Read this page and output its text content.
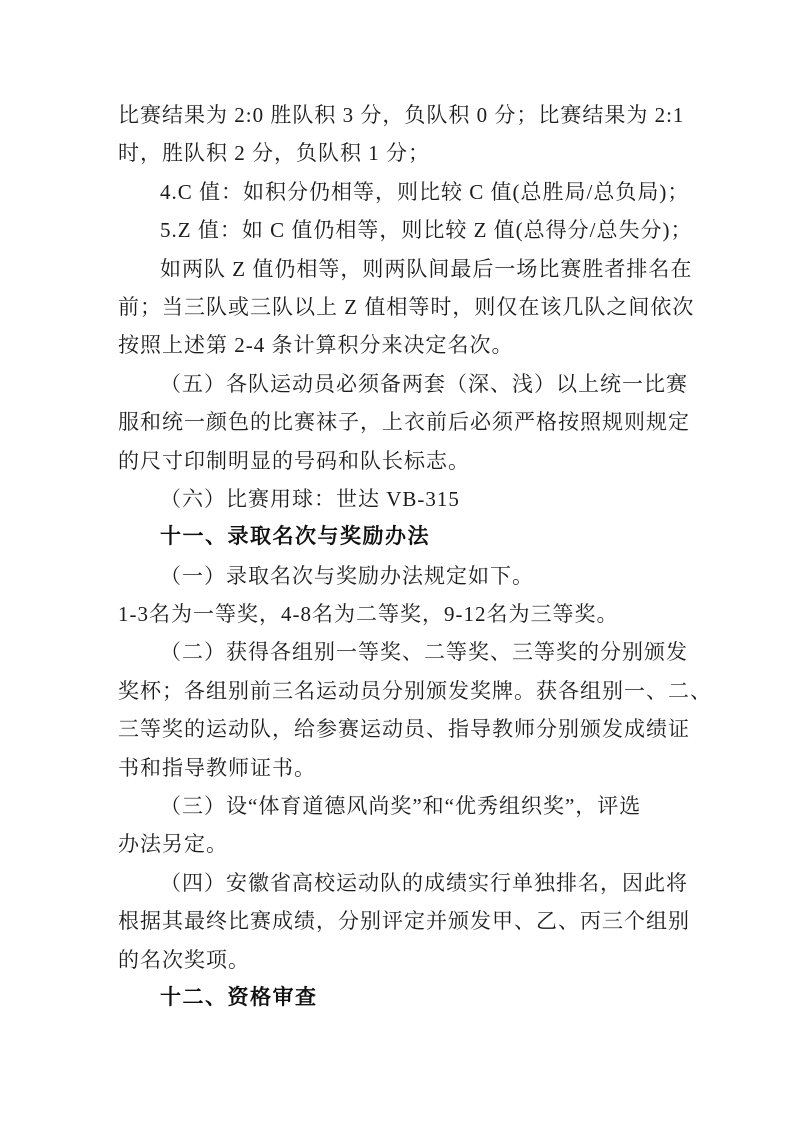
比赛结果为 2:0 胜队积 3 分，负队积 0 分；比赛结果为 2:1
时，胜队积 2 分，负队积 1 分；
4.C 值：如积分仍相等，则比较 C 值(总胜局/总负局)；
5.Z 值：如 C 值仍相等，则比较 Z 值(总得分/总失分)；
如两队 Z 值仍相等，则两队间最后一场比赛胜者排名在
前；当三队或三队以上 Z 值相等时，则仅在该几队之间依次
按照上述第 2-4 条计算积分来决定名次。
（五）各队运动员必须备两套（深、浅）以上统一比赛
服和统一颜色的比赛袜子，上衣前后必须严格按照规则规定
的尺寸印制明显的号码和队长标志。
（六）比赛用球：世达 VB-315
十一、录取名次与奖励办法
（一）录取名次与奖励办法规定如下。
1-3名为一等奖，4-8名为二等奖，9-12名为三等奖。
（二）获得各组别一等奖、二等奖、三等奖的分别颁发
奖杯；各组别前三名运动员分别颁发奖牌。获各组别一、二、
三等奖的运动队，给参赛运动员、指导教师分别颁发成绩证
书和指导教师证书。
（三）设“体育道德风尚奖”和“优秀组织奖”，评选
办法另定。
（四）安徽省高校运动队的成绩实行单独排名，因此将
根据其最终比赛成绩，分别评定并颁发甲、乙、丙三个组别
的名次奖项。
十二、资格审查
